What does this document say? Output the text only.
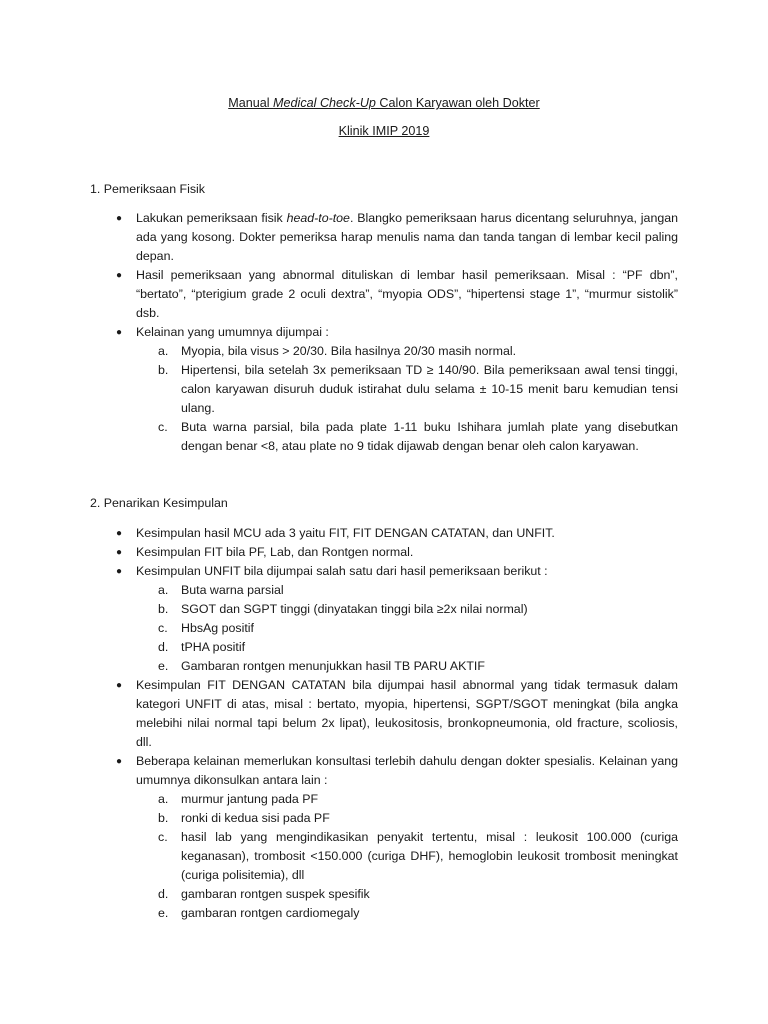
Manual Medical Check-Up Calon Karyawan oleh Dokter
Klinik IMIP 2019
1. Pemeriksaan Fisik
● Lakukan pemeriksaan fisik head-to-toe. Blangko pemeriksaan harus dicentang seluruhnya, jangan ada yang kosong. Dokter pemeriksa harap menulis nama dan tanda tangan di lembar kecil paling depan.
● Hasil pemeriksaan yang abnormal dituliskan di lembar hasil pemeriksaan. Misal : “PF dbn”, “bertato”, “pterigium grade 2 oculi dextra”, “myopia ODS”, “hipertensi stage 1”, “murmur sistolik” dsb.
● Kelainan yang umumnya dijumpai :
a. Myopia, bila visus > 20/30. Bila hasilnya 20/30 masih normal.
b. Hipertensi, bila setelah 3x pemeriksaan TD ≥ 140/90. Bila pemeriksaan awal tensi tinggi, calon karyawan disuruh duduk istirahat dulu selama ± 10-15 menit baru kemudian tensi ulang.
c. Buta warna parsial, bila pada plate 1-11 buku Ishihara jumlah plate yang disebutkan dengan benar <8, atau plate no 9 tidak dijawab dengan benar oleh calon karyawan.
2. Penarikan Kesimpulan
● Kesimpulan hasil MCU ada 3 yaitu FIT, FIT DENGAN CATATAN, dan UNFIT.
● Kesimpulan FIT bila PF, Lab, dan Rontgen normal.
● Kesimpulan UNFIT bila dijumpai salah satu dari hasil pemeriksaan berikut :
a. Buta warna parsial
b. SGOT dan SGPT tinggi (dinyatakan tinggi bila ≥2x nilai normal)
c. HbsAg positif
d. tPHA positif
e. Gambaran rontgen menunjukkan hasil TB PARU AKTIF
● Kesimpulan FIT DENGAN CATATAN bila dijumpai hasil abnormal yang tidak termasuk dalam kategori UNFIT di atas, misal : bertato, myopia, hipertensi, SGPT/SGOT meningkat (bila angka melebihi nilai normal tapi belum 2x lipat), leukositosis, bronkopneumonia, old fracture, scoliosis, dll.
● Beberapa kelainan memerlukan konsultasi terlebih dahulu dengan dokter spesialis. Kelainan yang umumnya dikonsulkan antara lain :
a. murmur jantung pada PF
b. ronki di kedua sisi pada PF
c. hasil lab yang mengindikasikan penyakit tertentu, misal : leukosit 100.000 (curiga keganasan), trombosit <150.000 (curiga DHF), hemoglobin leukosit trombosit meningkat (curiga polisitemia), dll
d. gambaran rontgen suspek spesifik
e. gambaran rontgen cardiomegaly
